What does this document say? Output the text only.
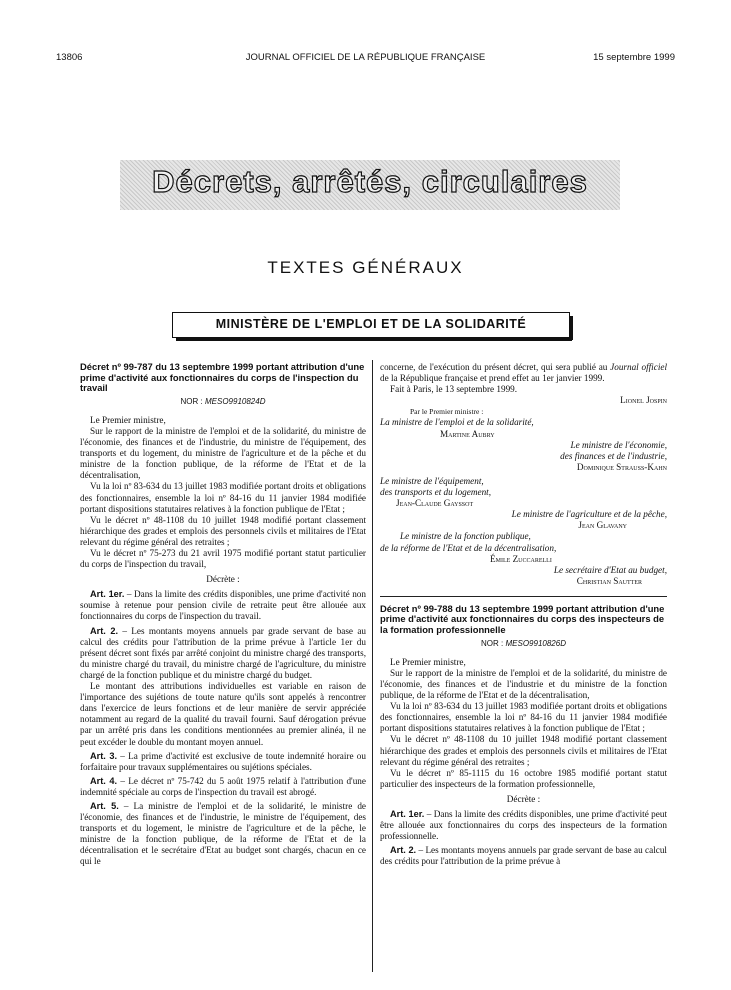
13806	JOURNAL OFFICIEL DE LA RÉPUBLIQUE FRANÇAISE	15 septembre 1999
Décrets, arrêtés, circulaires
TEXTES GÉNÉRAUX
MINISTÈRE DE L'EMPLOI ET DE LA SOLIDARITÉ
Décret nº 99-787 du 13 septembre 1999 portant attribution d'une prime d'activité aux fonctionnaires du corps de l'inspection du travail
NOR : MESO9910824D

Le Premier ministre,

Sur le rapport de la ministre de l'emploi et de la solidarité, du ministre de l'économie, des finances et de l'industrie, du ministre de l'équipement, des transports et du logement, du ministre de l'agriculture et de la pêche et du ministre de la fonction publique, de la réforme de l'Etat et de la décentralisation,

Vu la loi nº 83-634 du 13 juillet 1983 modifiée portant droits et obligations des fonctionnaires, ensemble la loi nº 84-16 du 11 janvier 1984 modifiée portant dispositions statutaires relatives à la fonction publique de l'Etat ;

Vu le décret nº 48-1108 du 10 juillet 1948 modifié portant classement hiérarchique des grades et emplois des personnels civils et militaires de l'Etat relevant du régime général des retraites ;

Vu le décret nº 75-273 du 21 avril 1975 modifié portant statut particulier du corps de l'inspection du travail,

Décrète :

Art. 1er. – Dans la limite des crédits disponibles, une prime d'activité non soumise à retenue pour pension civile de retraite peut être allouée aux fonctionnaires du corps de l'inspection du travail.

Art. 2. – Les montants moyens annuels par grade servant de base au calcul des crédits pour l'attribution de la prime prévue à l'article 1er du présent décret sont fixés par arrêté conjoint du ministre chargé des transports, du ministre chargé du travail, du ministre chargé de l'agriculture, du ministre chargé de la fonction publique et du ministre chargé du budget.

Le montant des attributions individuelles est variable en raison de l'importance des sujétions de toute nature qu'ils sont appelés à rencontrer dans l'exercice de leurs fonctions et de leur manière de servir appréciée notamment au regard de la qualité du travail fourni. Sauf dérogation prévue par un arrêté pris dans les conditions mentionnées au premier alinéa, il ne peut excéder le double du montant moyen annuel.

Art. 3. – La prime d'activité est exclusive de toute indemnité horaire ou forfaitaire pour travaux supplémentaires ou sujétions spéciales.

Art. 4. – Le décret nº 75-742 du 5 août 1975 relatif à l'attribution d'une indemnité spéciale au corps de l'inspection du travail est abrogé.

Art. 5. – La ministre de l'emploi et de la solidarité, le ministre de l'économie, des finances et de l'industrie, le ministre de l'équipement, des transports et du logement, le ministre de l'agriculture et de la pêche, le ministre de la fonction publique, de la réforme de l'Etat et de la décentralisation et le secrétaire d'Etat au budget sont chargés, chacun en ce qui le

concerne, de l'exécution du présent décret, qui sera publié au Journal officiel de la République française et prend effet au 1er janvier 1999.

Fait à Paris, le 13 septembre 1999.

Lionel Jospin
Par le Premier ministre :
La ministre de l'emploi et de la solidarité,
Martine Aubry
Le ministre de l'économie,
des finances et de l'industrie,
Dominique Strauss-Kahn
Le ministre de l'équipement,
des transports et du logement,
Jean-Claude Gayssot
Le ministre de l'agriculture et de la pêche,
Jean Glavany
Le ministre de la fonction publique,
de la réforme de l'Etat et de la décentralisation,
Émile Zuccarelli
Le secrétaire d'Etat au budget,
Christian Sautter
Décret nº 99-788 du 13 septembre 1999 portant attribution d'une prime d'activité aux fonctionnaires du corps des inspecteurs de la formation professionnelle
NOR : MESO9910826D

Le Premier ministre,

Sur le rapport de la ministre de l'emploi et de la solidarité, du ministre de l'économie, des finances et de l'industrie et du ministre de la fonction publique, de la réforme de l'Etat et de la décentralisation,

Vu la loi nº 83-634 du 13 juillet 1983 modifiée portant droits et obligations des fonctionnaires, ensemble la loi nº 84-16 du 11 janvier 1984 modifiée portant dispositions statutaires relatives à la fonction publique de l'Etat ;

Vu le décret nº 48-1108 du 10 juillet 1948 modifié portant classement hiérarchique des grades et emplois des personnels civils et militaires de l'Etat relevant du régime général des retraites ;

Vu le décret nº 85-1115 du 16 octobre 1985 modifié portant statut particulier des inspecteurs de la formation professionnelle,

Décrète :

Art. 1er. – Dans la limite des crédits disponibles, une prime d'activité peut être allouée aux fonctionnaires du corps des inspecteurs de la formation professionnelle.

Art. 2. – Les montants moyens annuels par grade servant de base au calcul des crédits pour l'attribution de la prime prévue à
